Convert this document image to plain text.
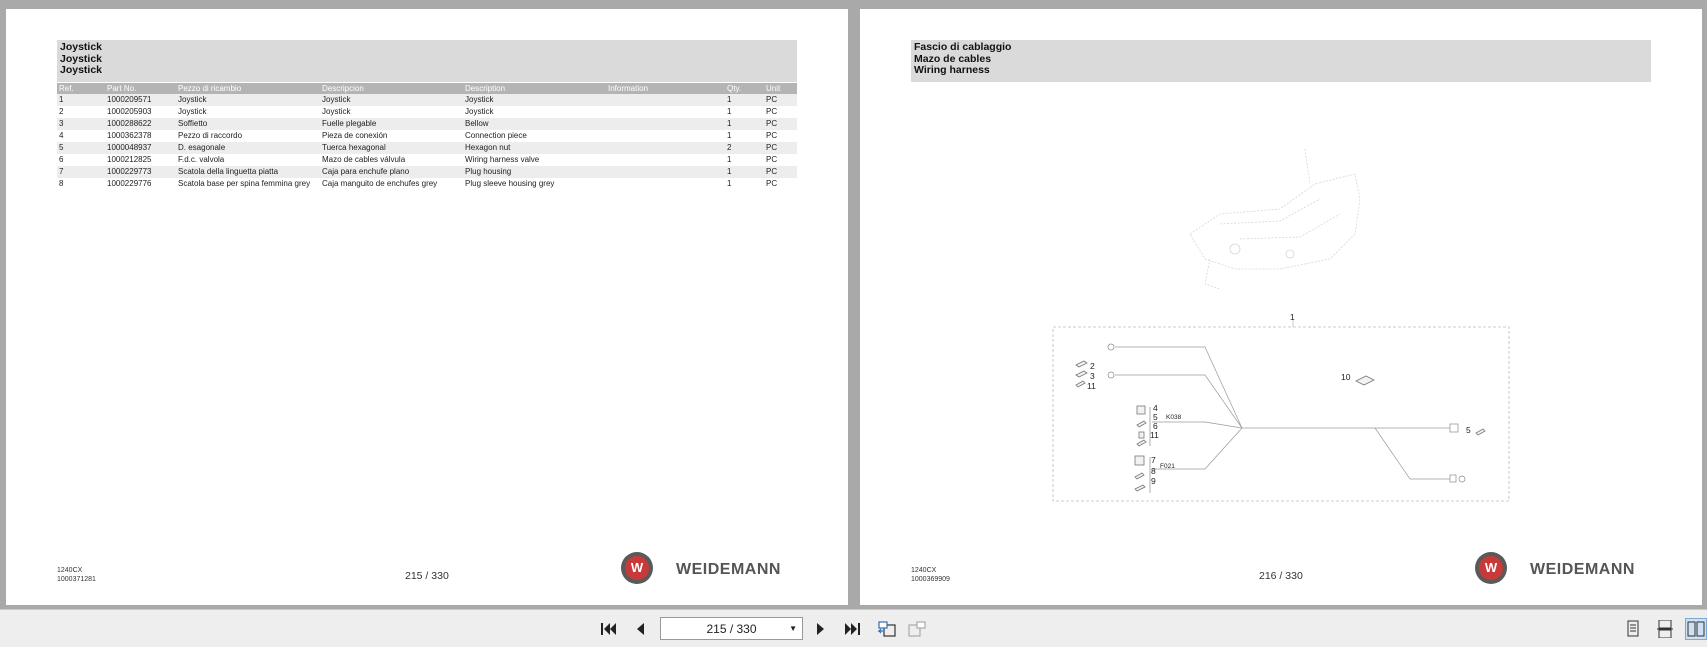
Joystick
Joystick
Joystick
Ref.	Part No.	Pezzo di ricambio	Descripcion	Description	Information	Qty.	Unit
1	1000209571	Joystick	Joystick	Joystick		1	PC
2	1000205903	Joystick	Joystick	Joystick		1	PC
3	1000288622	Soffietto	Fuelle plegable	Bellow		1	PC
4	1000362378	Pezzo di raccordo	Pieza de conexión	Connection piece		1	PC
5	1000048937	D. esagonale	Tuerca hexagonal	Hexagon nut		2	PC
6	1000212825	F.d.c. valvola	Mazo de cables válvula	Wiring harness valve		1	PC
7	1000229773	Scatola della linguetta piatta	Caja para enchufe plano	Plug housing		1	PC
8	1000229776	Scatola base per spina femmina grey	Caja manguito de enchufes grey	Plug sleeve housing grey		1	PC
1240CX
1000371281	215 / 330
W	WEIDEMANN
Fascio di cablaggio
Mazo de cables
Wiring harness
1
2
3
11
4
5
6
11
K038
7
8
9
F021
10
5
1240CX
1000369909	216 / 330
W	WEIDEMANN
215 / 330	▼
